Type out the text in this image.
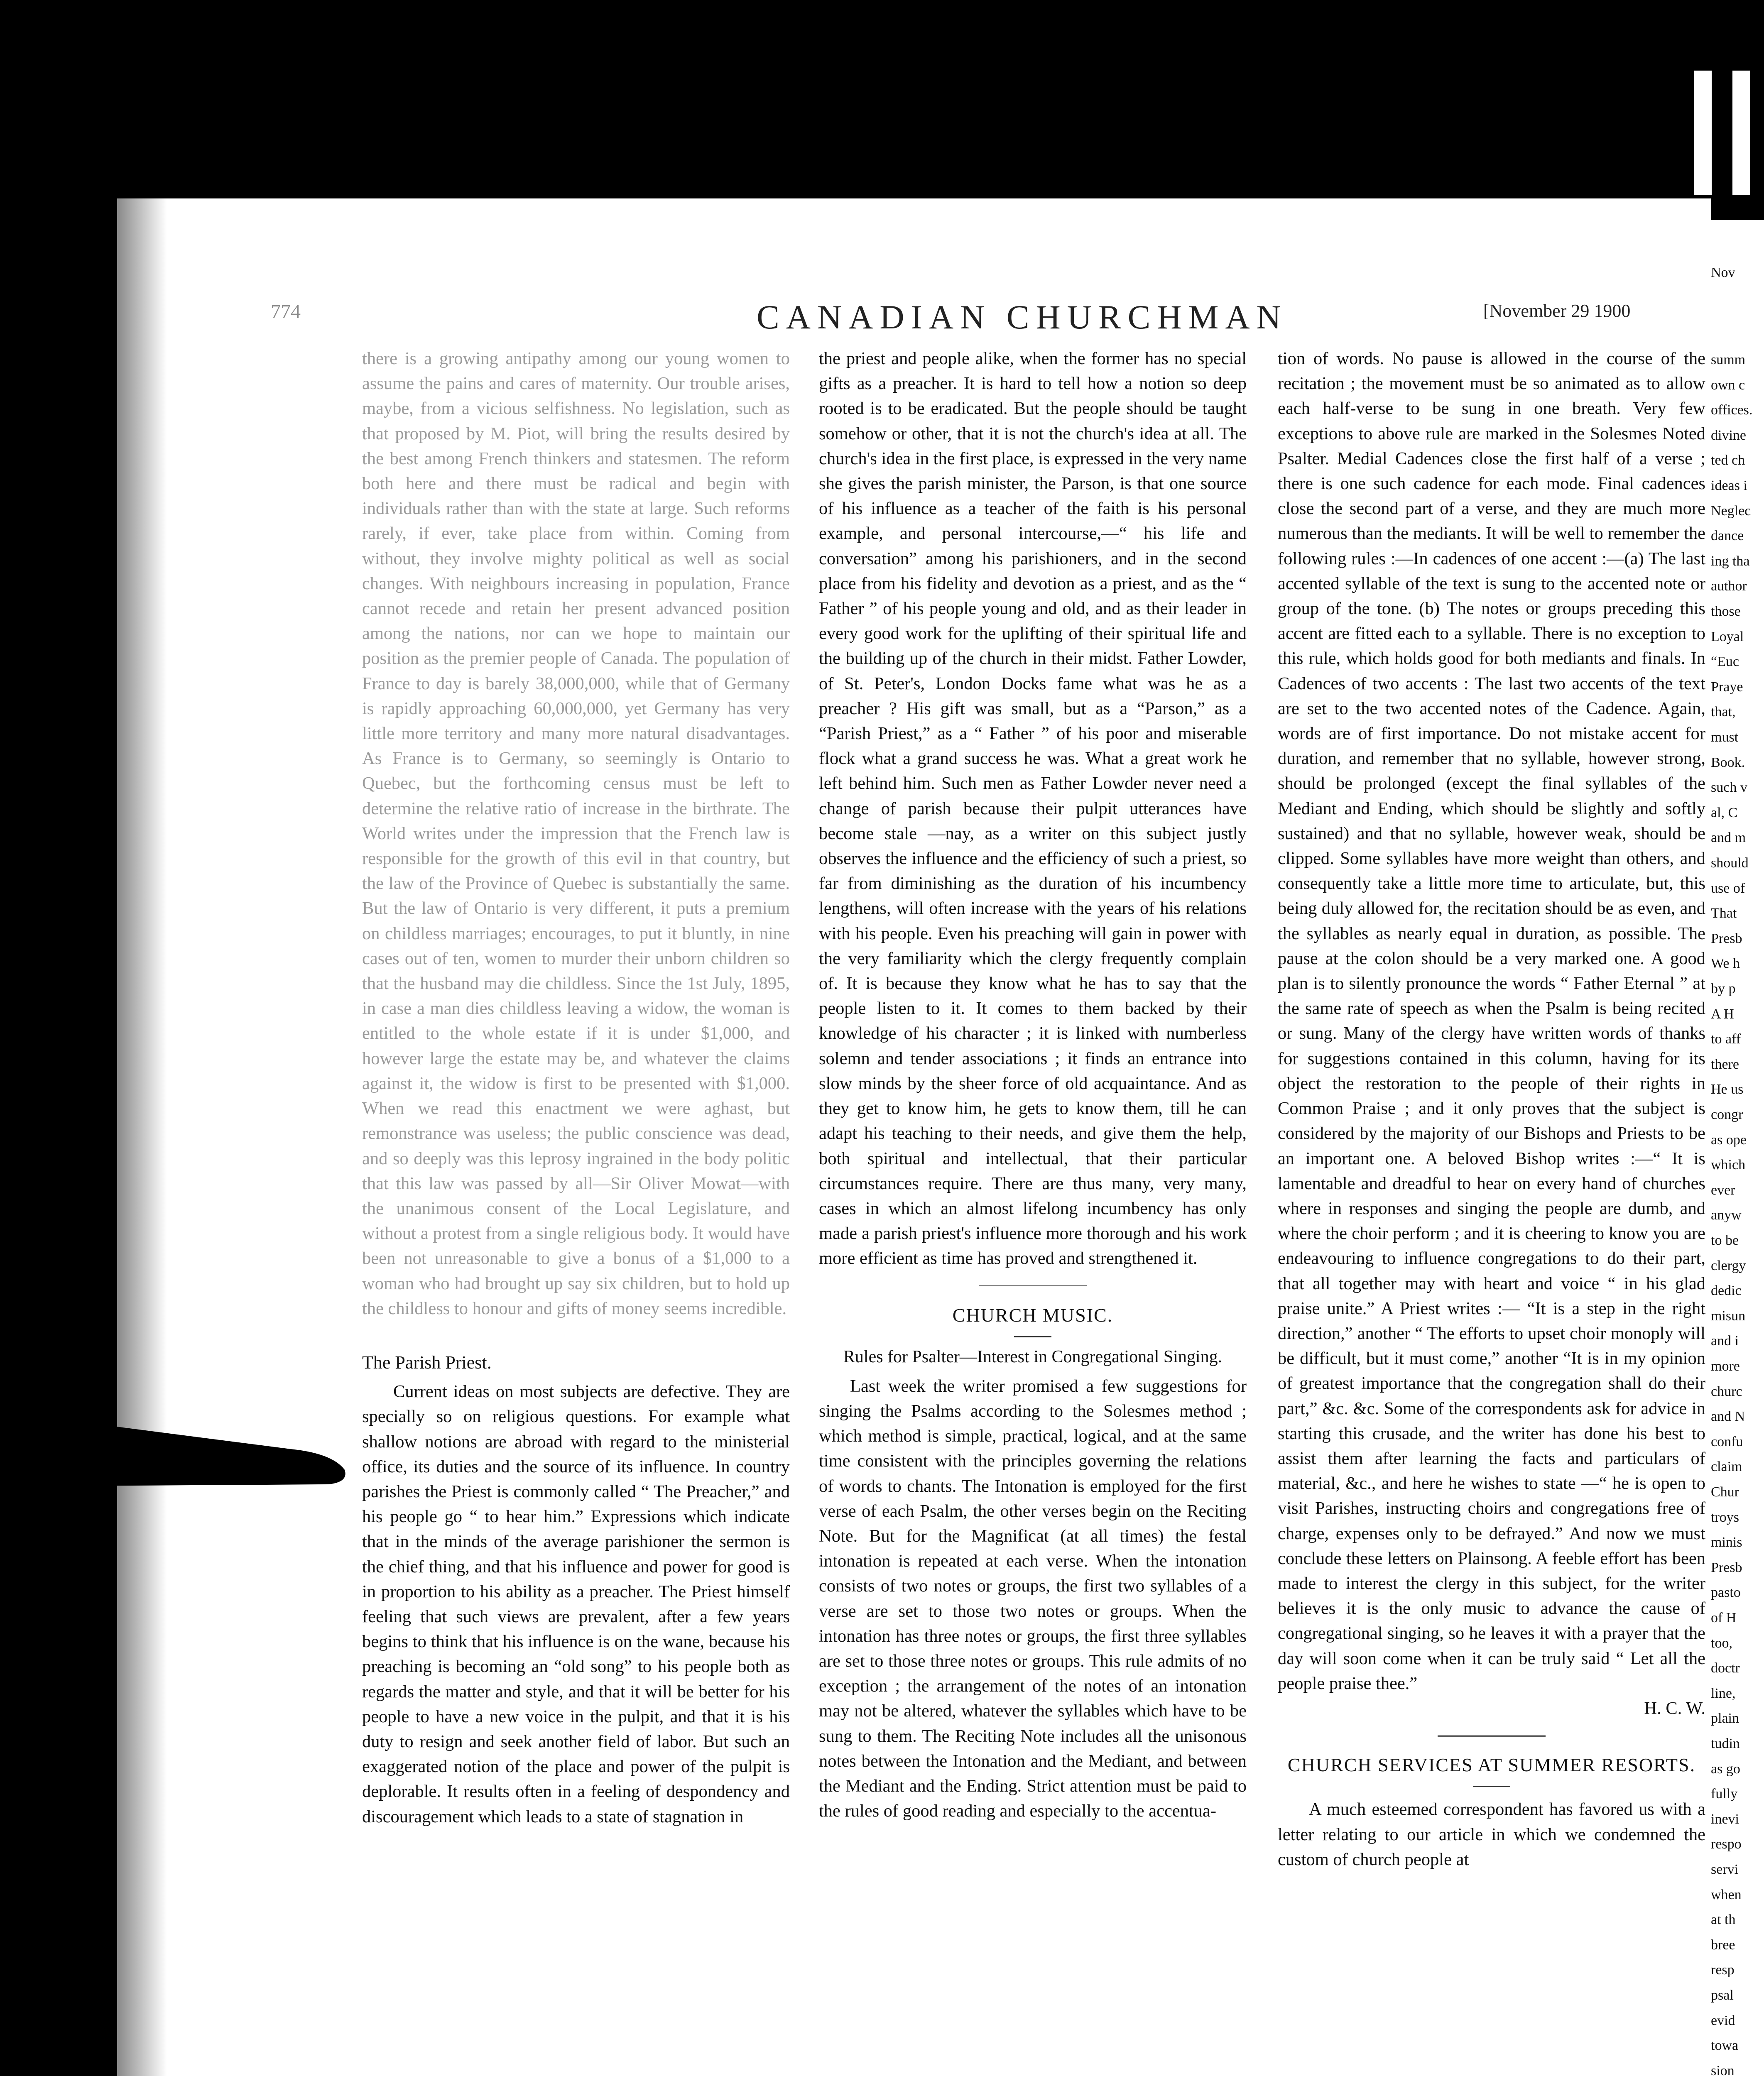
Nov
summ
own c
offices.
divine
ted ch
ideas i
Neglec
dance
ing tha
author
those
Loyal
“Euc
Praye
that,
must
Book.
such v
al, C
and m
should
use of
That
Presb
We h
by p
A H
to aff
there
He us
congr
as ope
which
ever
anyw
to be
clergy
dedic
misun
and i
more
churc
and N
confu
claim
Chur
troys
minis
Presb
pasto
of H
too,
doctr
line,
plain
tudin
as go
fully
inevi
respo
servi
when
at th
bree
resp
psal
evid
towa
sion
774	CANADIAN CHURCHMAN	[November 29 1900

there is a growing antipathy among our young women to assume the pains and cares of maternity. Our trouble arises, maybe, from a vicious selfishness. No legislation, such as that proposed by M. Piot, will bring the results desired by the best among French thinkers and statesmen. The reform both here and there must be radical and begin with individuals rather than with the state at large. Such reforms rarely, if ever, take place from within. Coming from without, they involve mighty political as well as social changes. With neighbours increasing in population, France cannot recede and retain her present advanced position among the nations, nor can we hope to maintain our position as the premier people of Canada. The population of France to day is barely 38,000,000, while that of Germany is rapidly approaching 60,000,000, yet Germany has very little more territory and many more natural disadvantages. As France is to Germany, so seemingly is Ontario to Quebec, but the forthcoming census must be left to determine the relative ratio of increase in the birthrate. The World writes under the impression that the French law is responsible for the growth of this evil in that country, but the law of the Province of Quebec is substantially the same. But the law of Ontario is very different, it puts a premium on childless marriages; encourages, to put it bluntly, in nine cases out of ten, women to murder their unborn children so that the husband may die childless. Since the 1st July, 1895, in case a man dies childless leaving a widow, the woman is entitled to the whole estate if it is under $1,000, and however large the estate may be, and whatever the claims against it, the widow is first to be presented with $1,000. When we read this enactment we were aghast, but remonstrance was useless; the public conscience was dead, and so deeply was this leprosy ingrained in the body politic that this law was passed by all—Sir Oliver Mowat—with the unanimous consent of the Local Legislature, and without a protest from a single religious body. It would have been not unreasonable to give a bonus of a $1,000 to a woman who had brought up say six children, but to hold up the childless to honour and gifts of money seems incredible.

The Parish Priest.

Current ideas on most subjects are defective. They are specially so on religious questions. For example what shallow notions are abroad with regard to the ministerial office, its duties and the source of its influence. In country parishes the Priest is commonly called “ The Preacher,” and his people go “ to hear him.” Expressions which indicate that in the minds of the average parishioner the sermon is the chief thing, and that his influence and power for good is in proportion to his ability as a preacher. The Priest himself feeling that such views are prevalent, after a few years begins to think that his influence is on the wane, because his preaching is becoming an “old song” to his people both as regards the matter and style, and that it will be better for his people to have a new voice in the pulpit, and that it is his duty to resign and seek another field of labor. But such an exaggerated notion of the place and power of the pulpit is deplorable. It results often in a feeling of despondency and discouragement which leads to a state of stagnation in

the priest and people alike, when the former has no special gifts as a preacher. It is hard to tell how a notion so deep rooted is to be eradicated. But the people should be taught somehow or other, that it is not the church's idea at all. The church's idea in the first place, is expressed in the very name she gives the parish minister, the Parson, is that one source of his influence as a teacher of the faith is his personal example, and personal intercourse,—“ his life and conversation” among his parishioners, and in the second place from his fidelity and devotion as a priest, and as the “ Father ” of his people young and old, and as their leader in every good work for the uplifting of their spiritual life and the building up of the church in their midst. Father Lowder, of St. Peter's, London Docks fame what was he as a preacher ? His gift was small, but as a “Parson,” as a “Parish Priest,” as a “ Father ” of his poor and miserable flock what a grand success he was. What a great work he left behind him. Such men as Father Lowder never need a change of parish because their pulpit utterances have become stale —nay, as a writer on this subject justly observes the influence and the efficiency of such a priest, so far from diminishing as the duration of his incumbency lengthens, will often increase with the years of his relations with his people. Even his preaching will gain in power with the very familiarity which the clergy frequently complain of. It is because they know what he has to say that the people listen to it. It comes to them backed by their knowledge of his character ; it is linked with numberless solemn and tender associations ; it finds an entrance into slow minds by the sheer force of old acquaintance. And as they get to know him, he gets to know them, till he can adapt his teaching to their needs, and give them the help, both spiritual and intellectual, that their particular circumstances require. There are thus many, very many, cases in which an almost lifelong incumbency has only made a parish priest's influence more thorough and his work more efficient as time has proved and strengthened it.

CHURCH MUSIC.
Rules for Psalter—Interest in Congregational Singing.

Last week the writer promised a few suggestions for singing the Psalms according to the Solesmes method ; which method is simple, practical, logical, and at the same time consistent with the principles governing the relations of words to chants. The Intonation is employed for the first verse of each Psalm, the other verses begin on the Reciting Note. But for the Magnificat (at all times) the festal intonation is repeated at each verse. When the intonation consists of two notes or groups, the first two syllables of a verse are set to those two notes or groups. When the intonation has three notes or groups, the first three syllables are set to those three notes or groups. This rule admits of no exception ; the arrangement of the notes of an intonation may not be altered, whatever the syllables which have to be sung to them. The Reciting Note includes all the unisonous notes between the Intonation and the Mediant, and between the Mediant and the Ending. Strict attention must be paid to the rules of good reading and especially to the accentua-

tion of words. No pause is allowed in the course of the recitation ; the movement must be so animated as to allow each half-verse to be sung in one breath. Very few exceptions to above rule are marked in the Solesmes Noted Psalter. Medial Cadences close the first half of a verse ; there is one such cadence for each mode. Final cadences close the second part of a verse, and they are much more numerous than the mediants. It will be well to remember the following rules :—In cadences of one accent :—(a) The last accented syllable of the text is sung to the accented note or group of the tone. (b) The notes or groups preceding this accent are fitted each to a syllable. There is no exception to this rule, which holds good for both mediants and finals. In Cadences of two accents : The last two accents of the text are set to the two accented notes of the Cadence. Again, words are of first importance. Do not mistake accent for duration, and remember that no syllable, however strong, should be prolonged (except the final syllables of the Mediant and Ending, which should be slightly and softly sustained) and that no syllable, however weak, should be clipped. Some syllables have more weight than others, and consequently take a little more time to articulate, but, this being duly allowed for, the recitation should be as even, and the syllables as nearly equal in duration, as possible. The pause at the colon should be a very marked one. A good plan is to silently pronounce the words “ Father Eternal ” at the same rate of speech as when the Psalm is being recited or sung. Many of the clergy have written words of thanks for suggestions contained in this column, having for its object the restoration to the people of their rights in Common Praise ; and it only proves that the subject is considered by the majority of our Bishops and Priests to be an important one. A beloved Bishop writes :—“ It is lamentable and dreadful to hear on every hand of churches where in responses and singing the people are dumb, and where the choir perform ; and it is cheering to know you are endeavouring to influence congregations to do their part, that all together may with heart and voice “ in his glad praise unite.” A Priest writes :— “It is a step in the right direction,” another “ The efforts to upset choir monoply will be difficult, but it must come,” another “It is in my opinion of greatest importance that the congregation shall do their part,” &c. &c. Some of the correspondents ask for advice in starting this crusade, and the writer has done his best to assist them after learning the facts and particulars of material, &c., and here he wishes to state —“ he is open to visit Parishes, instructing choirs and congregations free of charge, expenses only to be defrayed.” And now we must conclude these letters on Plainsong. A feeble effort has been made to interest the clergy in this subject, for the writer believes it is the only music to advance the cause of congregational singing, so he leaves it with a prayer that the day will soon come when it can be truly said “ Let all the people praise thee.”

H. C. W.
CHURCH SERVICES AT SUMMER RESORTS.

A much esteemed correspondent has favored us with a letter relating to our article in which we condemned the custom of church people at
